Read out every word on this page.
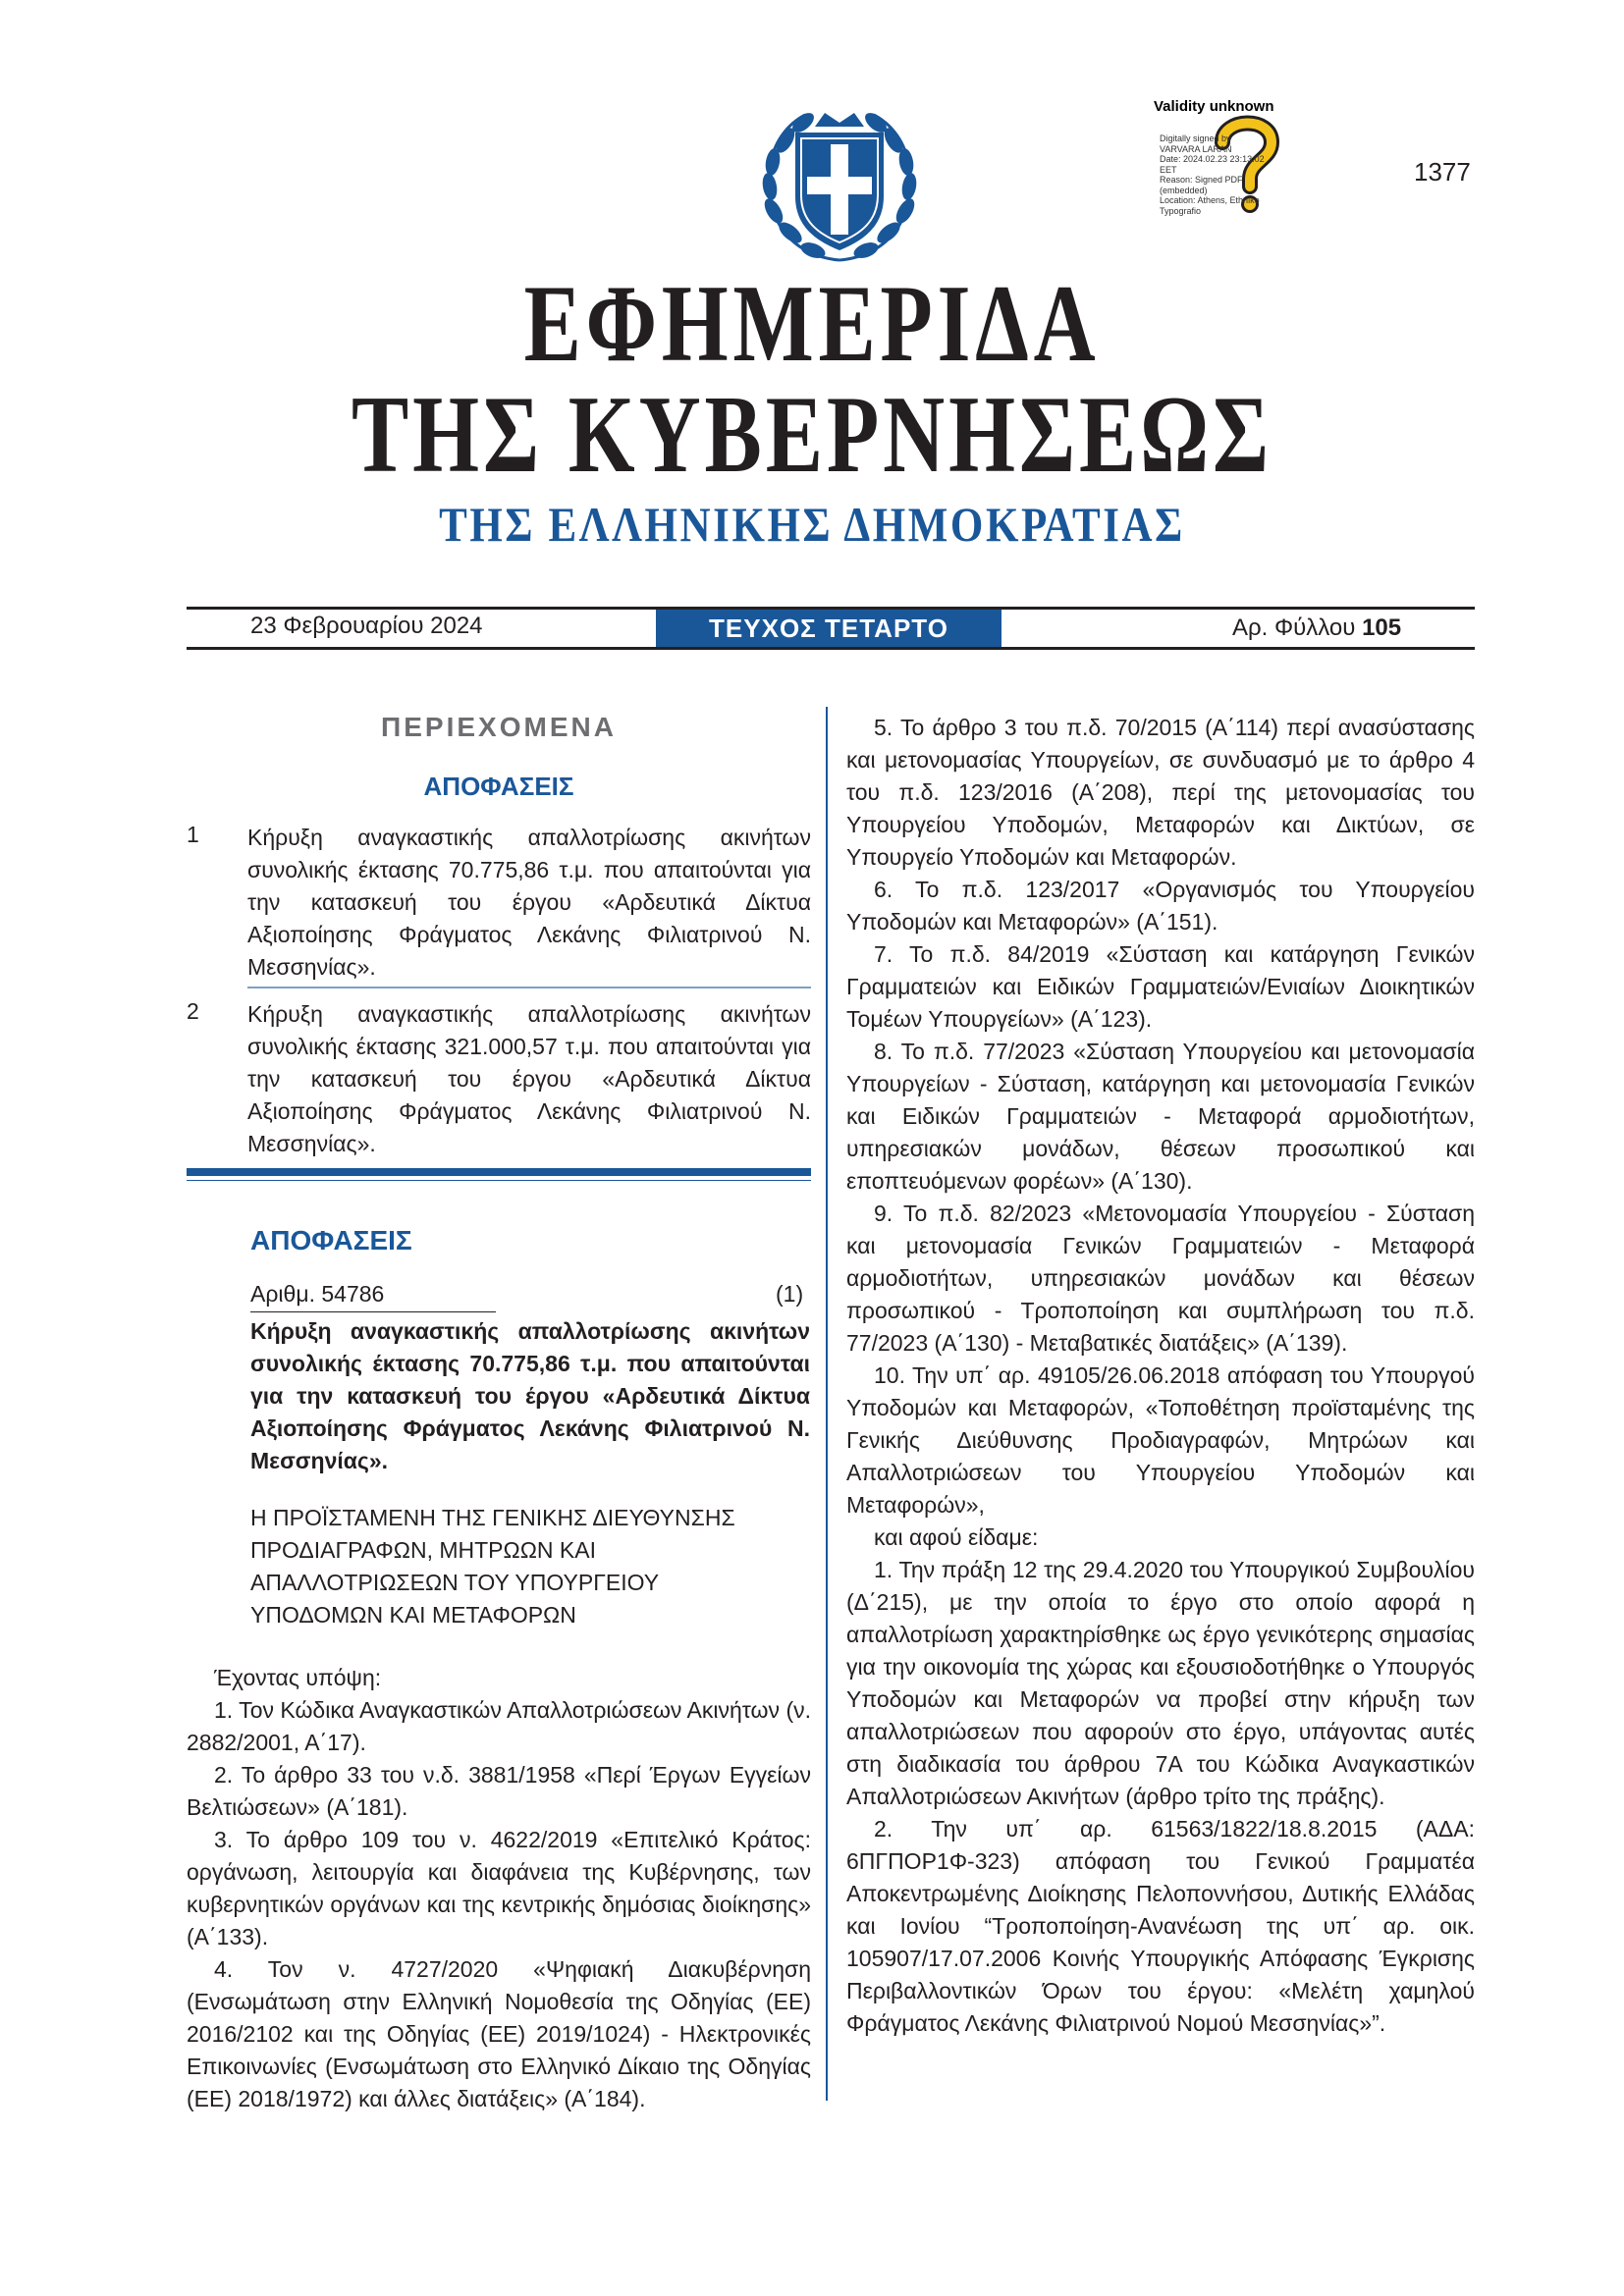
Validity unknown
Digitally signed by
VARVARA LARAN
Date: 2024.02.23 23:13:02
EET
Reason: Signed PDF
(embedded)
Location: Athens, Ethniko
Typografio
1377
ΕΦΗΜΕΡΙΔΑ
ΤΗΣ ΚΥΒΕΡΝΗΣΕΩΣ
ΤΗΣ ΕΛΛΗΝΙΚΗΣ ΔΗΜΟΚΡΑΤΙΑΣ
23 Φεβρουαρίου 2024	ΤΕΥΧΟΣ ΤΕΤΑΡΤΟ	Αρ. Φύλλου 105
ΠΕΡΙΕΧΟΜΕΝΑ
ΑΠΟΦΑΣΕΙΣ
1 Κήρυξη αναγκαστικής απαλλοτρίωσης ακινήτων συνολικής έκτασης 70.775,86 τ.μ. που απαιτούνται για την κατασκευή του έργου «Αρδευτικά Δίκτυα Αξιοποίησης Φράγματος Λεκάνης Φιλιατρινού Ν. Μεσσηνίας».
2 Κήρυξη αναγκαστικής απαλλοτρίωσης ακινήτων συνολικής έκτασης 321.000,57 τ.μ. που απαιτούνται για την κατασκευή του έργου «Αρδευτικά Δίκτυα Αξιοποίησης Φράγματος Λεκάνης Φιλιατρινού Ν. Μεσσηνίας».
ΑΠΟΦΑΣΕΙΣ
Αριθμ. 54786	(1)
Κήρυξη αναγκαστικής απαλλοτρίωσης ακινήτων συνολικής έκτασης 70.775,86 τ.μ. που απαιτούνται για την κατασκευή του έργου «Αρδευτικά Δίκτυα Αξιοποίησης Φράγματος Λεκάνης Φιλιατρινού Ν. Μεσσηνίας».
Η ΠΡΟΪΣΤΑΜΕΝΗ ΤΗΣ ΓΕΝΙΚΗΣ ΔΙΕΥΘΥΝΣΗΣ
ΠΡΟΔΙΑΓΡΑΦΩΝ, ΜΗΤΡΩΩΝ ΚΑΙ
ΑΠΑΛΛΟΤΡΙΩΣΕΩΝ ΤΟΥ ΥΠΟΥΡΓΕΙΟΥ
ΥΠΟΔΟΜΩΝ ΚΑΙ ΜΕΤΑΦΟΡΩΝ

Έχοντας υπόψη:

1. Τον Κώδικα Αναγκαστικών Απαλλοτριώσεων Ακινήτων (ν. 2882/2001, Α΄17).

2. Το άρθρο 33 του ν.δ. 3881/1958 «Περί Έργων Εγγείων Βελτιώσεων» (Α΄181).

3. Το άρθρο 109 του ν. 4622/2019 «Επιτελικό Κράτος: οργάνωση, λειτουργία και διαφάνεια της Κυβέρνησης, των κυβερνητικών οργάνων και της κεντρικής δημόσιας διοίκησης» (Α΄133).

4. Τον ν. 4727/2020 «Ψηφιακή Διακυβέρνηση (Ενσωμάτωση στην Ελληνική Νομοθεσία της Οδηγίας (ΕΕ) 2016/2102 και της Οδηγίας (ΕΕ) 2019/1024) - Ηλεκτρονικές Επικοινωνίες (Ενσωμάτωση στο Ελληνικό Δίκαιο της Οδηγίας (ΕΕ) 2018/1972) και άλλες διατάξεις» (Α΄184).

5. Το άρθρο 3 του π.δ. 70/2015 (Α΄114) περί ανασύστασης και μετονομασίας Υπουργείων, σε συνδυασμό με το άρθρο 4 του π.δ. 123/2016 (Α΄208), περί της μετονομασίας του Υπουργείου Υποδομών, Μεταφορών και Δικτύων, σε Υπουργείο Υποδομών και Μεταφορών.

6. Το π.δ. 123/2017 «Οργανισμός του Υπουργείου Υποδομών και Μεταφορών» (Α΄151).

7. Το π.δ. 84/2019 «Σύσταση και κατάργηση Γενικών Γραμματειών και Ειδικών Γραμματειών/Ενιαίων Διοικητικών Τομέων Υπουργείων» (Α΄123).

8. Το π.δ. 77/2023 «Σύσταση Υπουργείου και μετονομασία Υπουργείων - Σύσταση, κατάργηση και μετονομασία Γενικών και Ειδικών Γραμματειών - Μεταφορά αρμοδιοτήτων, υπηρεσιακών μονάδων, θέσεων προσωπικού και εποπτευόμενων φορέων» (Α΄130).

9. Το π.δ. 82/2023 «Μετονομασία Υπουργείου - Σύσταση και μετονομασία Γενικών Γραμματειών - Μεταφορά αρμοδιοτήτων, υπηρεσιακών μονάδων και θέσεων προσωπικού - Τροποποίηση και συμπλήρωση του π.δ. 77/2023 (Α΄130) - Μεταβατικές διατάξεις» (Α΄139).

10. Την υπ΄ αρ. 49105/26.06.2018 απόφαση του Υπουργού Υποδομών και Μεταφορών, «Τοποθέτηση προϊσταμένης της Γενικής Διεύθυνσης Προδιαγραφών, Μητρώων και Απαλλοτριώσεων του Υπουργείου Υποδομών και Μεταφορών»,

και αφού είδαμε:

1. Την πράξη 12 της 29.4.2020 του Υπουργικού Συμβουλίου (Δ΄215), με την οποία το έργο στο οποίο αφορά η απαλλοτρίωση χαρακτηρίσθηκε ως έργο γενικότερης σημασίας για την οικονομία της χώρας και εξουσιοδοτήθηκε ο Υπουργός Υποδομών και Μεταφορών να προβεί στην κήρυξη των απαλλοτριώσεων που αφορούν στο έργο, υπάγοντας αυτές στη διαδικασία του άρθρου 7Α του Κώδικα Αναγκαστικών Απαλλοτριώσεων Ακινήτων (άρθρο τρίτο της πράξης).

2. Την υπ΄ αρ. 61563/1822/18.8.2015 (ΑΔΑ: 6ΠΓΠΟΡ1Φ-323) απόφαση του Γενικού Γραμματέα Αποκεντρωμένης Διοίκησης Πελοποννήσου, Δυτικής Ελλάδας και Ιονίου “Τροποποίηση-Ανανέωση της υπ΄ αρ. οικ. 105907/17.07.2006 Κοινής Υπουργικής Απόφασης Έγκρισης Περιβαλλοντικών Όρων του έργου: «Μελέτη χαμηλού Φράγματος Λεκάνης Φιλιατρινού Νομού Μεσσηνίας»”.
